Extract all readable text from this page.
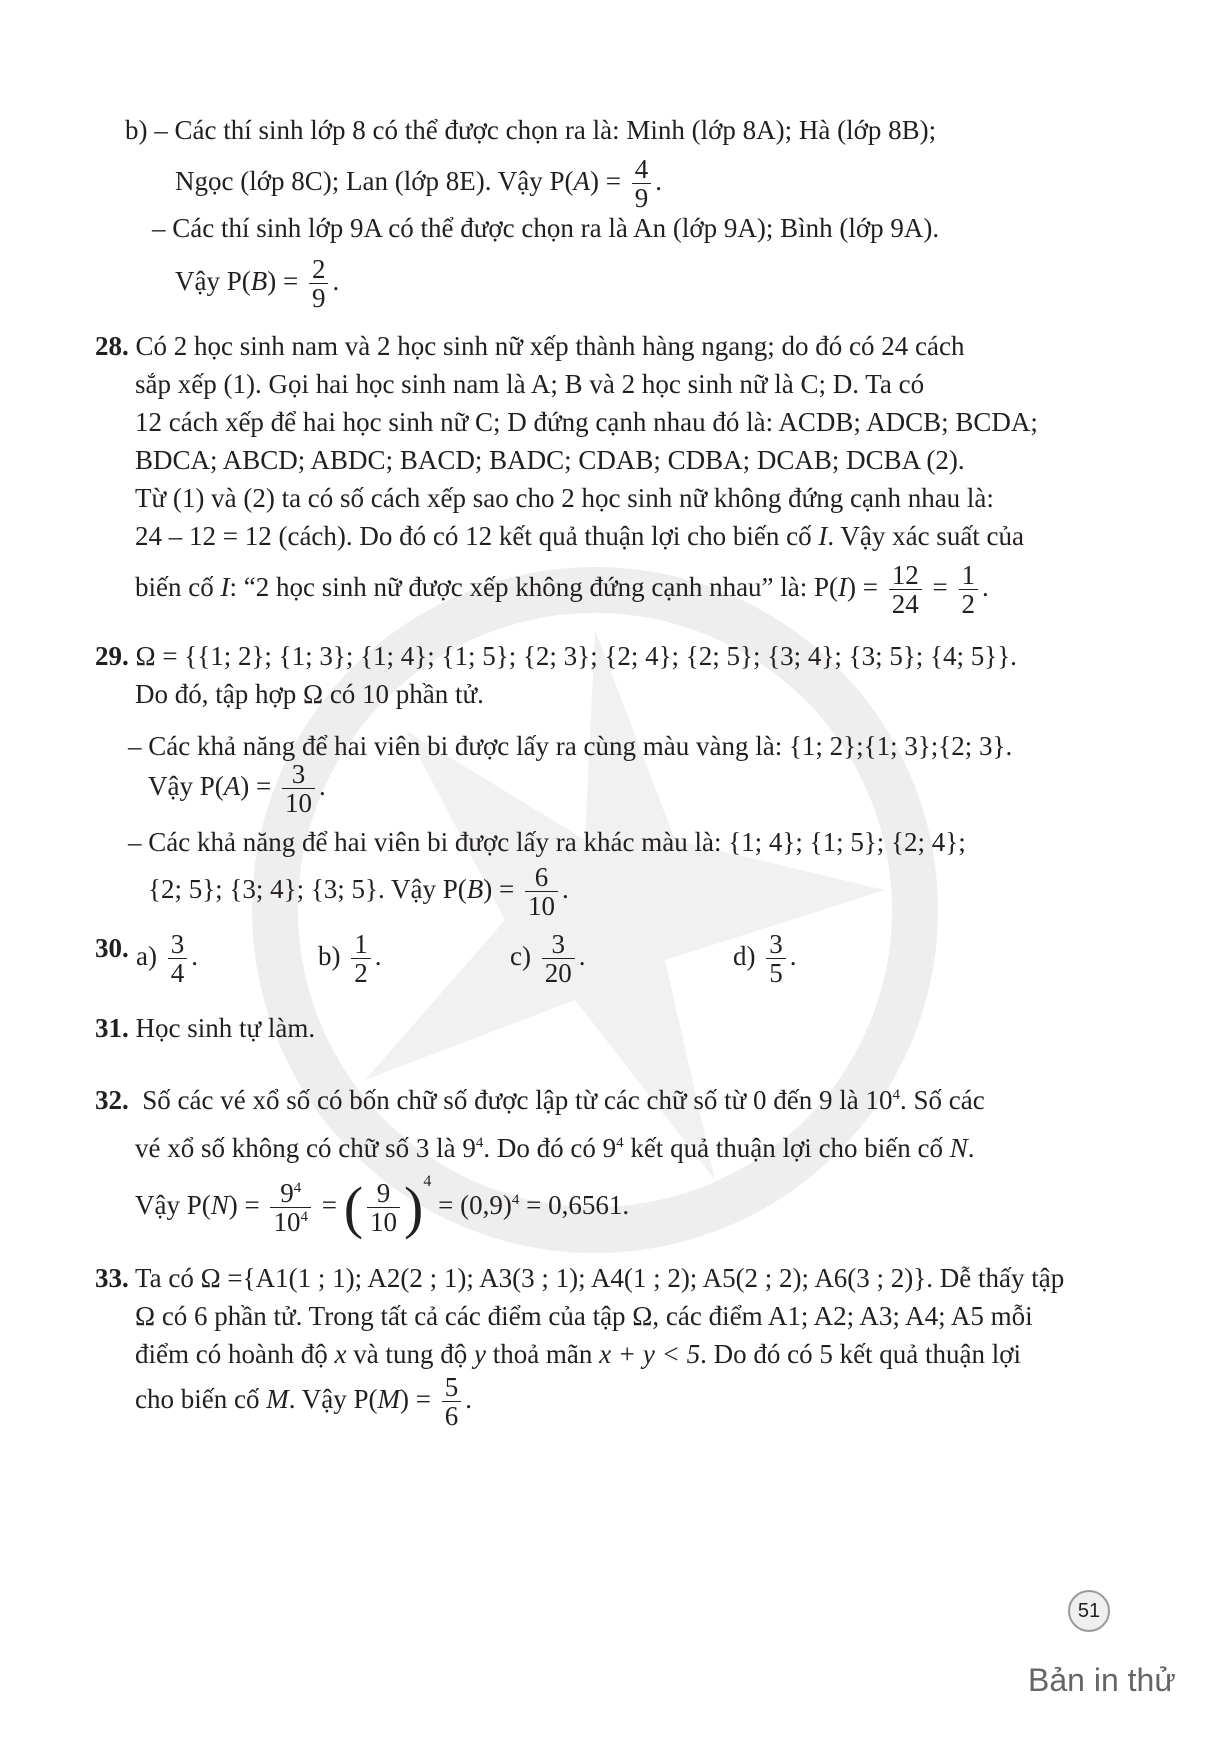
b) – Các thí sinh lớp 8 có thể được chọn ra là: Minh (lớp 8A); Hà (lớp 8B);
Ngọc (lớp 8C); Lan (lớp 8E). Vậy $P(A) = \frac{4}{9}$ .
– Các thí sinh lớp 9A có thể được chọn ra là An (lớp 9A); Bình (lớp 9A).
Vậy $P(B) = \frac{2}{9}$ .
28. Có 2 học sinh nam và 2 học sinh nữ xếp thành hàng ngang; do đó có 24 cách
sắp xếp (1). Gọi hai học sinh nam là A; B và 2 học sinh nữ là C; D. Ta có
12 cách xếp để hai học sinh nữ C; D đứng cạnh nhau đó là: ACDB; ADCB; BCDA;
BDCA; ABCD; ABDC; BACD; BADC; CDAB; CDBA; DCAB; DCBA (2).
Từ (1) và (2) ta có số cách xếp sao cho 2 học sinh nữ không đứng cạnh nhau là:
24 – 12 = 12 (cách). Do đó có 12 kết quả thuận lợi cho biến cố I. Vậy xác suất của
biến cố I: “2 học sinh nữ được xếp không đứng cạnh nhau” là: $P(I) = \frac{12}{24} = \frac{1}{2}$ .
29. Ω = {{1; 2}; {1; 3}; {1; 4}; {1; 5}; {2; 3}; {2; 4}; {2; 5}; {3; 4}; {3; 5}; {4; 5}}.
Do đó, tập hợp Ω có 10 phần tử.
– Các khả năng để hai viên bi được lấy ra cùng màu vàng là: {1; 2};{1; 3};{2; 3}.
Vậy $P(A) = \frac{3}{10}$ .
– Các khả năng để hai viên bi được lấy ra khác màu là: {1; 4}; {1; 5}; {2; 4};
{2; 5}; {3; 4}; {3; 5}. Vậy $P(B) = \frac{6}{10}$ .
30. $a) \frac{3}{4}$ .	$b) \frac{1}{2}$ .	$c) \frac{3}{20}$ .	$d) \frac{3}{5}$ .
31. Học sinh tự làm.
32. Số các vé xổ số có bốn chữ số được lập từ các chữ số từ 0 đến 9 là $10^4$. Số các
vé xổ số không có chữ số 3 là $9^4$. Do đó có $9^4$ kết quả thuận lợi cho biến cố N.
Vậy $P(N) = \frac{9^4}{10^4}$ = ( $\frac{9}{10} )^4 = (0,9)^4 = 0,6561$.
33. Ta có Ω ={A1(1 ; 1); A2(2 ; 1); A3(3 ; 1); A4(1 ; 2); A5(2 ; 2); A6(3 ; 2)}. Dễ thấy tập
Ω có 6 phần tử. Trong tất cả các điểm của tập Ω, các điểm A1; A2; A3; A4; A5 mỗi
điểm có hoành độ x và tung độ y thoả mãn x + y < 5. Do đó có 5 kết quả thuận lợi
cho biến cố M. Vậy $P(M) = \frac{5}{6}$ .
51
Bản in thử
